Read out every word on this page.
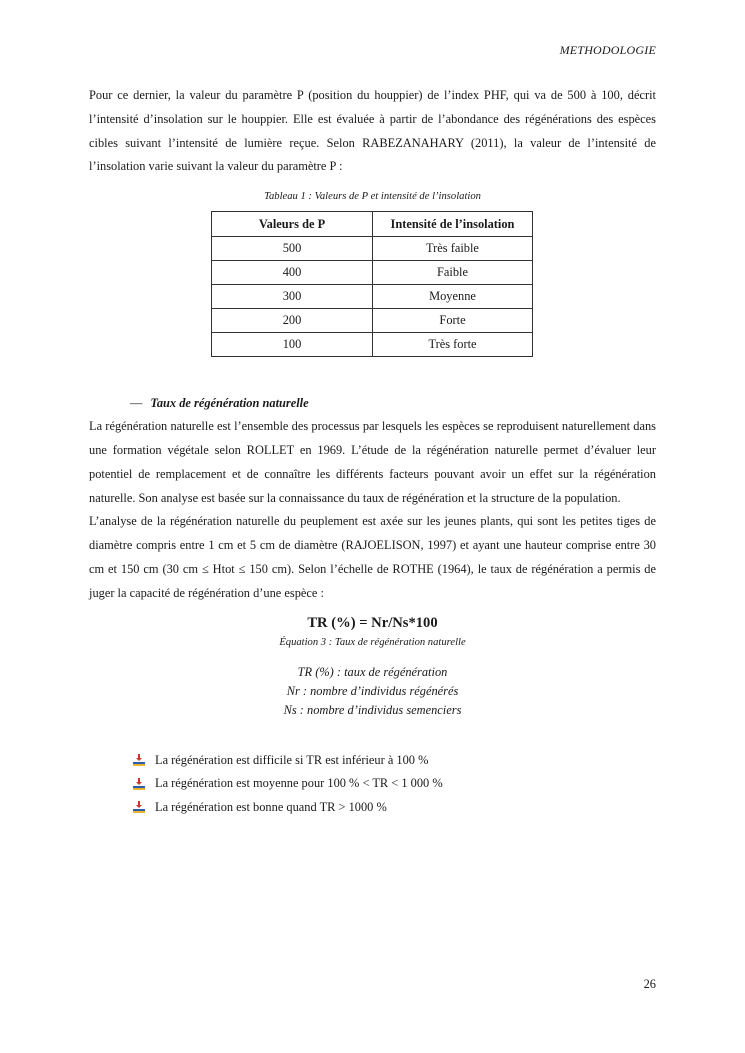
METHODOLOGIE

Pour ce dernier, la valeur du paramètre P (position du houppier) de l’index PHF, qui va de 500 à 100, décrit l’intensité d’insolation sur le houppier. Elle est évaluée à partir de l’abondance des régénérations des espèces cibles suivant l’intensité de lumière reçue. Selon RABEZANAHARY (2011), la valeur de l’intensité de l’insolation varie suivant la valeur du paramètre P :

Tableau 1 : Valeurs de P et intensité de l’insolation
Valeurs de P	Intensité de l’insolation
500	Très faible
400	Faible
300	Moyenne
200	Forte
100	Très forte
— Taux de régénération naturelle

La régénération naturelle est l’ensemble des processus par lesquels les espèces se reproduisent naturellement dans une formation végétale selon ROLLET en 1969. L’étude de la régénération naturelle permet d’évaluer leur potentiel de remplacement et de connaître les différents facteurs pouvant avoir un effet sur la régénération naturelle. Son analyse est basée sur la connaissance du taux de régénération et la structure de la population.

L’analyse de la régénération naturelle du peuplement est axée sur les jeunes plants, qui sont les petites tiges de diamètre compris entre 1 cm et 5 cm de diamètre (RAJOELISON, 1997) et ayant une hauteur comprise entre 30 cm et 150 cm (30 cm ≤ Htot ≤ 150 cm). Selon l’échelle de ROTHE (1964), le taux de régénération a permis de juger la capacité de régénération d’une espèce :

TR (%) = Nr/Ns*100
Équation 3 : Taux de régénération naturelle
TR (%) : taux de régénération
Nr : nombre d’individus régénérés
Ns : nombre d’individus semenciers
La régénération est difficile si TR est inférieur à 100 %
La régénération est moyenne pour 100 % < TR < 1 000 %
La régénération est bonne quand TR > 1000 %
26
